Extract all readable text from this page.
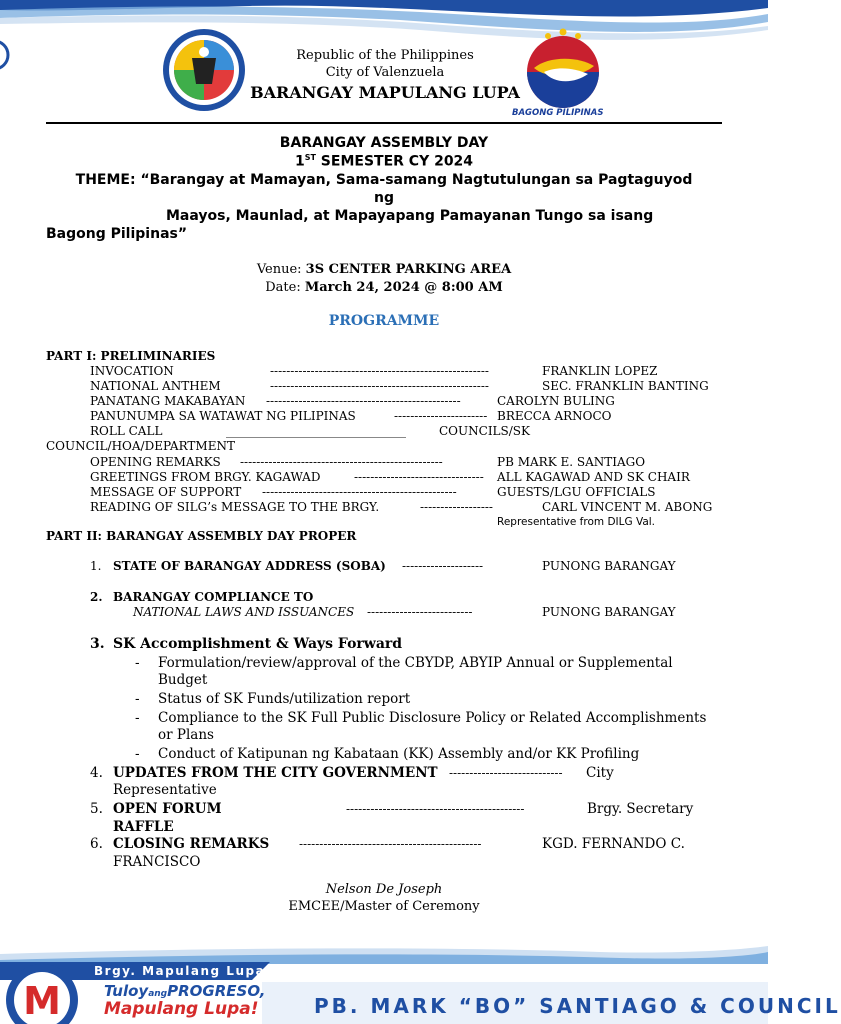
Republic of the Philippines
City of Valenzuela
BARANGAY MAPULANG LUPA
BAGONG PILIPINAS
BARANGAY ASSEMBLY DAY
1ST SEMESTER CY 2024
THEME: “Barangay at Mamayan, Sama-samang Nagtutulungan sa Pagtaguyod
ng
Maayos, Maunlad, at Mapayapang Pamayanan Tungo sa isang
Bagong Pilipinas”
Venue: 3S CENTER PARKING AREA
Date: March 24, 2024 @ 8:00 AM
PROGRAMME
PART I: PRELIMINARIES
INVOCATION	------------------------------------------------------	FRANKLIN LOPEZ
NATIONAL ANTHEM	------------------------------------------------------	SEC. FRANKLIN BANTING
PANATANG MAKABAYAN ------------------------------------------------	CAROLYN BULING
PANUNUMPA SA WATAWAT NG PILIPINAS	----------------------- BRECCA ARNOCO
ROLL CALL	______________________________	COUNCILS/SK
COUNCIL/HOA/DEPARTMENT
OPENING REMARKS --------------------------------------------------	PB MARK E. SANTIAGO
GREETINGS FROM BRGY. KAGAWAD	-------------------------------- ALL KAGAWAD AND SK CHAIR
MESSAGE OF SUPPORT ------------------------------------------------	GUESTS/LGU OFFICIALS
READING OF SILG’s MESSAGE TO THE BRGY.	------------------	CARL VINCENT M. ABONG
Representative from DILG Val.
PART II: BARANGAY ASSEMBLY DAY PROPER
1. STATE OF BARANGAY ADDRESS (SOBA) --------------------	PUNONG BARANGAY
2. BARANGAY COMPLIANCE TO
NATIONAL LAWS AND ISSUANCES --------------------------	PUNONG BARANGAY
3. SK Accomplishment & Ways Forward
- Formulation/review/approval of the CBYDP, ABYIP Annual or Supplemental
Budget
- Status of SK Funds/utilization report
- Compliance to the SK Full Public Disclosure Policy or Related Accomplishments
or Plans
- Conduct of Katipunan ng Kabataan (KK) Assembly and/or KK Profiling
4. UPDATES FROM THE CITY GOVERNMENT ---------------------------- City
Representative
5. OPEN FORUM	--------------------------------------------	Brgy. Secretary
RAFFLE
6. CLOSING REMARKS ---------------------------------------------	KGD. FERNANDO C.
FRANCISCO
Nelson De Joseph
EMCEE/Master of Ceremony
M
Brgy. Mapulang Lupa
TuloyangPROGRESO,
Mapulang Lupa!	PB. MARK “BO” SANTIAGO & COUNCIL
